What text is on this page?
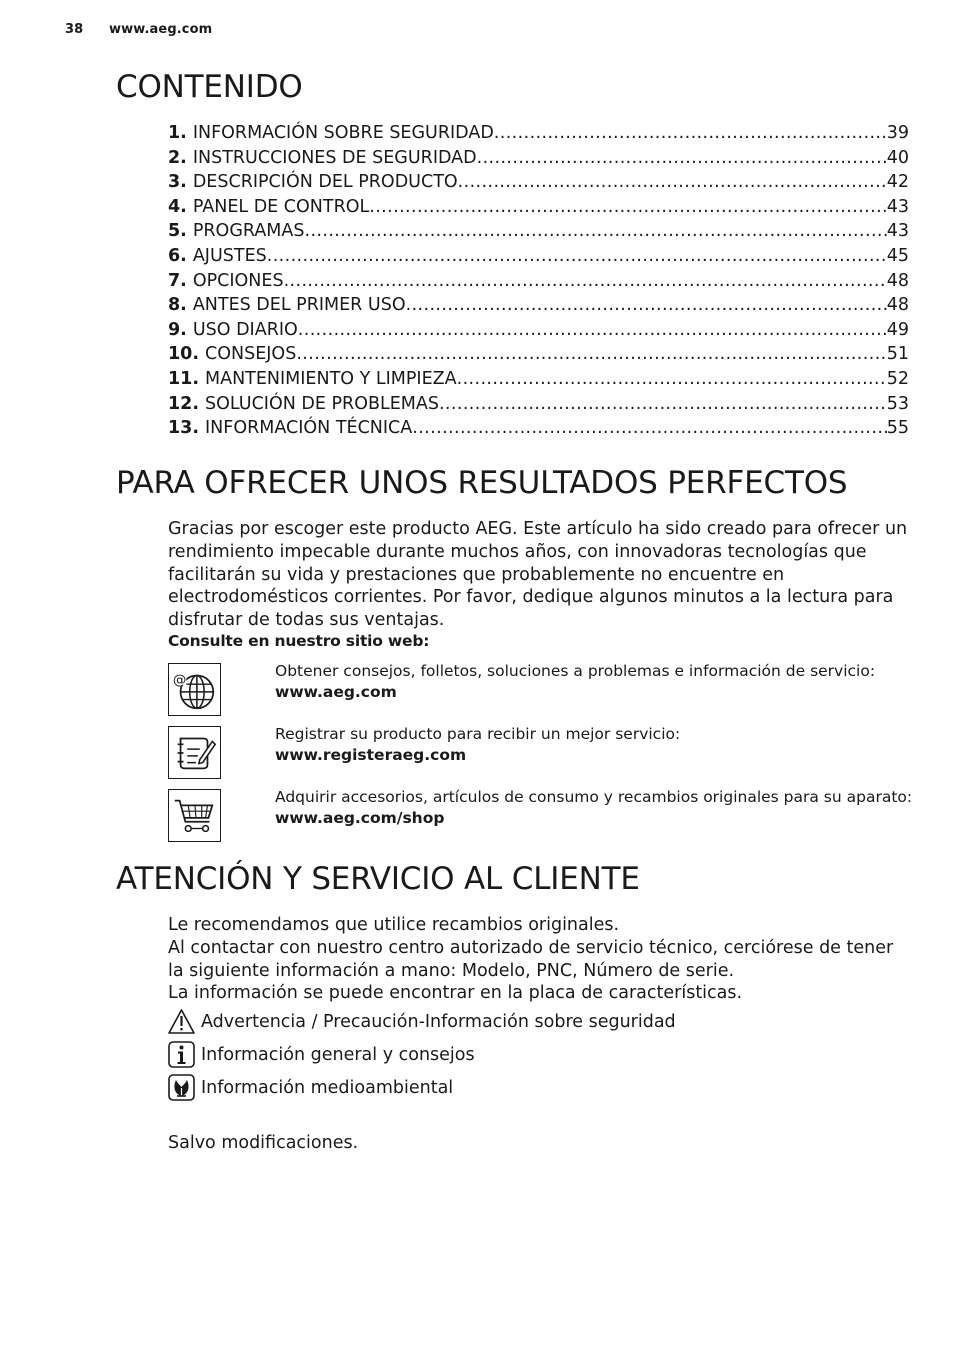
38 www.aeg.com
CONTENIDO
1. INFORMACIÓN SOBRE SEGURIDAD .....	39
2. INSTRUCCIONES DE SEGURIDAD .....	40
3. DESCRIPCIÓN DEL PRODUCTO .....	42
4. PANEL DE CONTROL .....	43
5. PROGRAMAS .....	43
6. AJUSTES .....	45
7. OPCIONES .....	48
8. ANTES DEL PRIMER USO .....	48
9. USO DIARIO .....	49
10. CONSEJOS .....	51
11. MANTENIMIENTO Y LIMPIEZA .....	52
12. SOLUCIÓN DE PROBLEMAS .....	53
13. INFORMACIÓN TÉCNICA .....	55
PARA OFRECER UNOS RESULTADOS PERFECTOS
Gracias por escoger este producto AEG. Este artículo ha sido creado para ofrecer un rendimiento impecable durante muchos años, con innovadoras tecnologías que facilitarán su vida y prestaciones que probablemente no encuentre en electrodomésticos corrientes. Por favor, dedique algunos minutos a la lectura para disfrutar de todas sus ventajas.
Consulte en nuestro sitio web:
@
Obtener consejos, folletos, soluciones a problemas e información de servicio:
www.aeg.com
Registrar su producto para recibir un mejor servicio:
www.registeraeg.com
Adquirir accesorios, artículos de consumo y recambios originales para su aparato:
www.aeg.com/shop
ATENCIÓN Y SERVICIO AL CLIENTE
Le recomendamos que utilice recambios originales.
Al contactar con nuestro centro autorizado de servicio técnico, cerciórese de tener la siguiente información a mano: Modelo, PNC, Número de serie.
La información se puede encontrar en la placa de características.
Advertencia / Precaución-Información sobre seguridad
Información general y consejos
Información medioambiental
Salvo modificaciones.
